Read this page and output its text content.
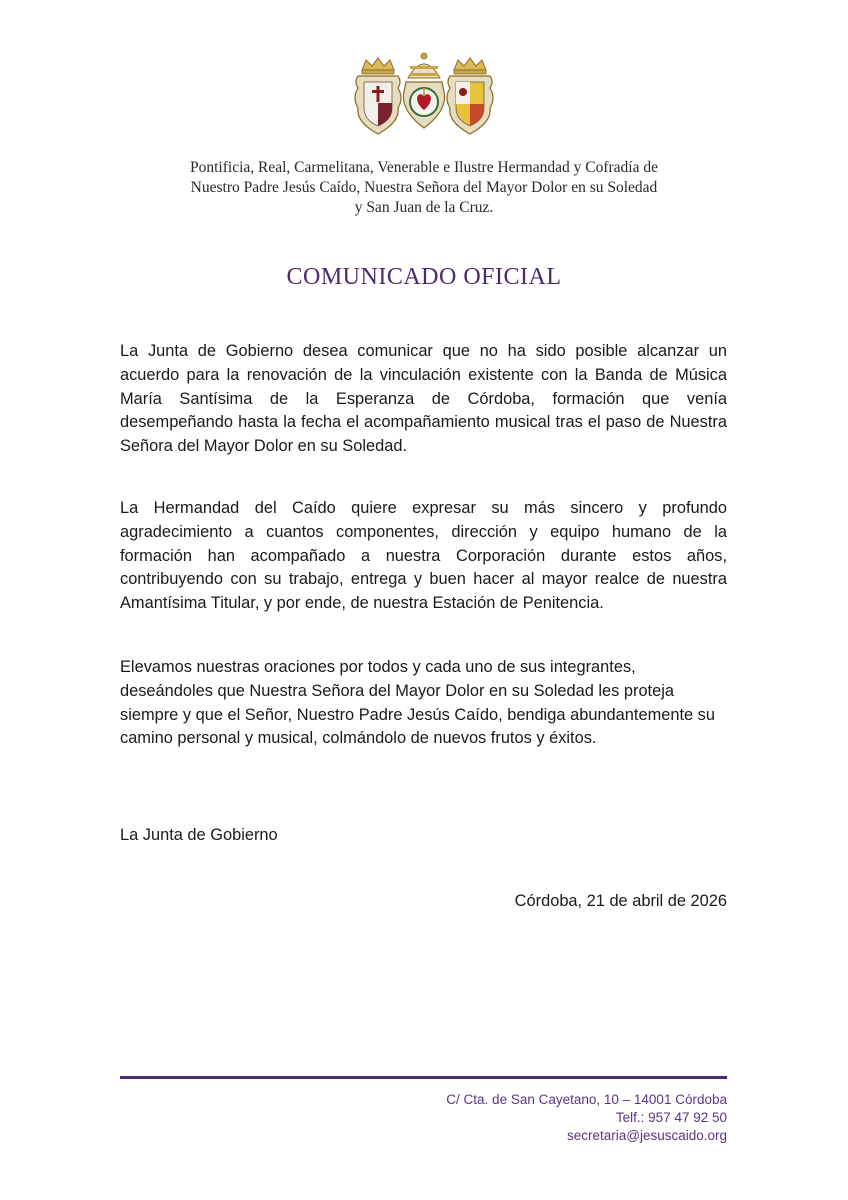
Pontificia, Real, Carmelitana, Venerable e Ilustre Hermandad y Cofradía de
Nuestro Padre Jesús Caído, Nuestra Señora del Mayor Dolor en su Soledad
y San Juan de la Cruz.
COMUNICADO OFICIAL

La Junta de Gobierno desea comunicar que no ha sido posible alcanzar un acuerdo para la renovación de la vinculación existente con la Banda de Música María Santísima de la Esperanza de Córdoba, formación que venía desempeñando hasta la fecha el acompañamiento musical tras el paso de Nuestra Señora del Mayor Dolor en su Soledad.

La Hermandad del Caído quiere expresar su más sincero y profundo agradecimiento a cuantos componentes, dirección y equipo humano de la formación han acompañado a nuestra Corporación durante estos años, contribuyendo con su trabajo, entrega y buen hacer al mayor realce de nuestra Amantísima Titular, y por ende, de nuestra Estación de Penitencia.

Elevamos nuestras oraciones por todos y cada uno de sus integrantes, deseándoles que Nuestra Señora del Mayor Dolor en su Soledad les proteja siempre y que el Señor, Nuestro Padre Jesús Caído, bendiga abundantemente su camino personal y musical, colmándolo de nuevos frutos y éxitos.

La Junta de Gobierno
Córdoba, 21 de abril de 2026
C/ Cta. de San Cayetano, 10 – 14001 Córdoba
Telf.: 957 47 92 50
secretaria@jesuscaido.org
